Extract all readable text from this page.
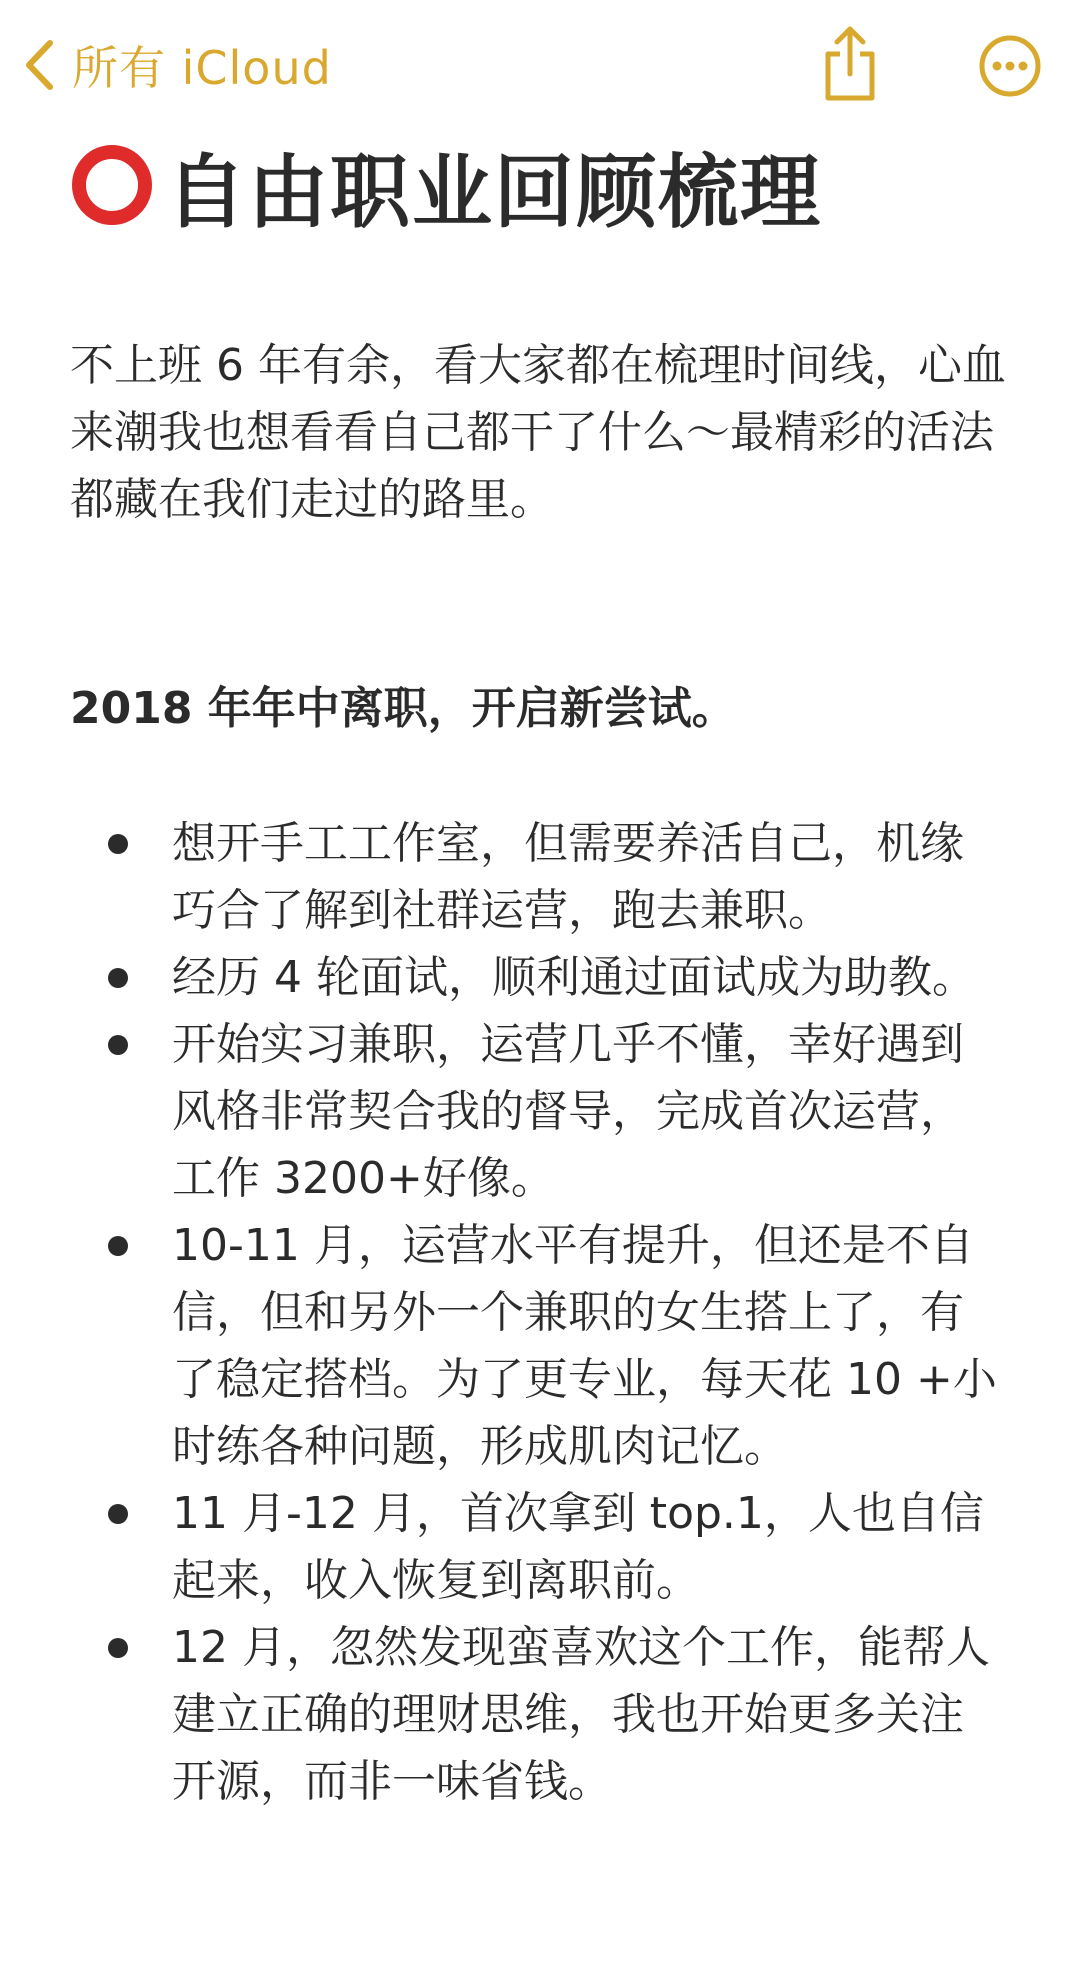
所有 iCloud
自由职业回顾梳理

不上班 6 年有余，看大家都在梳理时间线，心血来潮我也想看看自己都干了什么～最精彩的活法都藏在我们走过的路里。

2018 年年中离职，开启新尝试。

想开手工工作室，但需要养活自己，机缘巧合了解到社群运营，跑去兼职。
经历 4 轮面试，顺利通过面试成为助教。
开始实习兼职，运营几乎不懂，幸好遇到风格非常契合我的督导，完成首次运营，工作 3200+好像。
10-11 月，运营水平有提升，但还是不自信，但和另外一个兼职的女生搭上了，有了稳定搭档。为了更专业，每天花 10 +小时练各种问题，形成肌肉记忆。
11 月-12 月，首次拿到 top.1，人也自信起来，收入恢复到离职前。
12 月，忽然发现蛮喜欢这个工作，能帮人建立正确的理财思维，我也开始更多关注开源，而非一味省钱。
